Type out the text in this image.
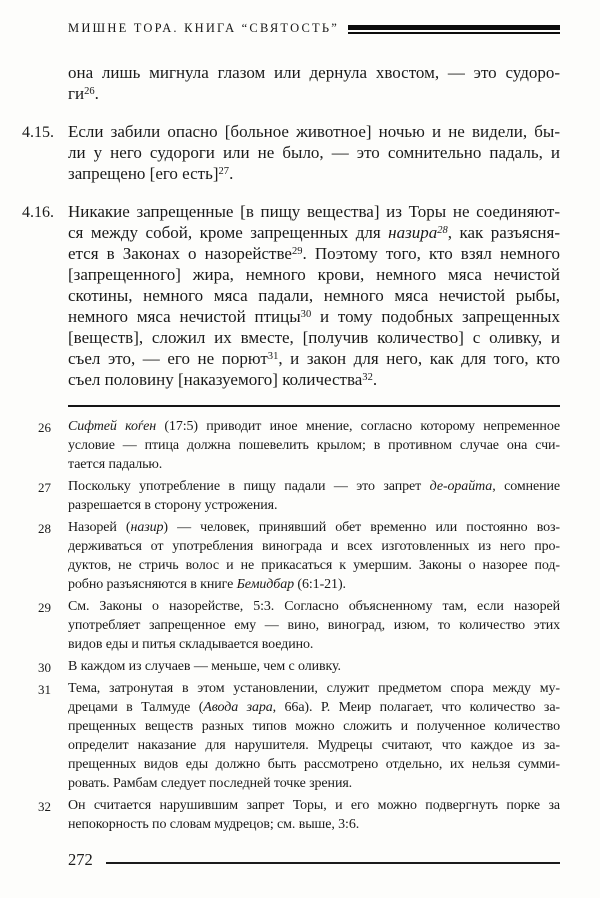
МИШНЕ ТОРА. КНИГА “СВЯТОСТЬ”
она лишь мигнула глазом или дернула хвостом, — это судоро-
$ги^{26}$.
4.15. Если забили опасно [больное животное] ночью и не видели, бы-
ли у него судороги или не было, — это сомнительно падаль, и
запрещено [его есть]$^{27}$.
4.16. Никакие запрещенные [в пищу вещества] из Торы не соединяют-
ся между собой, кроме запрещенных для назира$^{28}$, как разъясня-
ется в Законах о назорействе$^{29}$. Поэтому того, кто взял немного
[запрещенного] жира, немного крови, немного мяса нечистой
скотины, немного мяса падали, немного мяса нечистой рыбы,
немного мяса нечистой птицы$^{30}$ и тому подобных запрещенных
[веществ], сложил их вместе, [получив количество] с оливку, и
съел это, — его не порют$^{31}$, и закон для него, как для того, кто
съел половину [наказуемого] количества$^{32}$.
26 Сифтей коѓен (17:5) приводит иное мнение, согласно которому непременное
условие — птица должна пошевелить крылом; в противном случае она счи-
тается падалью.
27 Поскольку употребление в пищу падали — это запрет де-орайта, сомнение
разрешается в сторону устрожения.
28 Назорей (назир) — человек, принявший обет временно или постоянно воз-
держиваться от употребления винограда и всех изготовленных из него про-
дуктов, не стричь волос и не прикасаться к умершим. Законы о назорее под-
робно разъясняются в книге Бемидбар (6:1-21).
29 См. Законы о назорействе, 5:3. Согласно объясненному там, если назорей
употребляет запрещенное ему — вино, виноград, изюм, то количество этих
видов еды и питья складывается воедино.
30 В каждом из случаев — меньше, чем с оливку.
31 Тема, затронутая в этом установлении, служит предметом спора между му-
дрецами в Талмуде (Авода зара, 66а). Р. Меир полагает, что количество за-
прещенных веществ разных типов можно сложить и полученное количество
определит наказание для нарушителя. Мудрецы считают, что каждое из за-
прещенных видов еды должно быть рассмотрено отдельно, их нельзя сумми-
ровать. Рамбам следует последней точке зрения.
32 Он считается нарушившим запрет Торы, и его можно подвергнуть порке за
непокорность по словам мудрецов; см. выше, 3:6.
272
